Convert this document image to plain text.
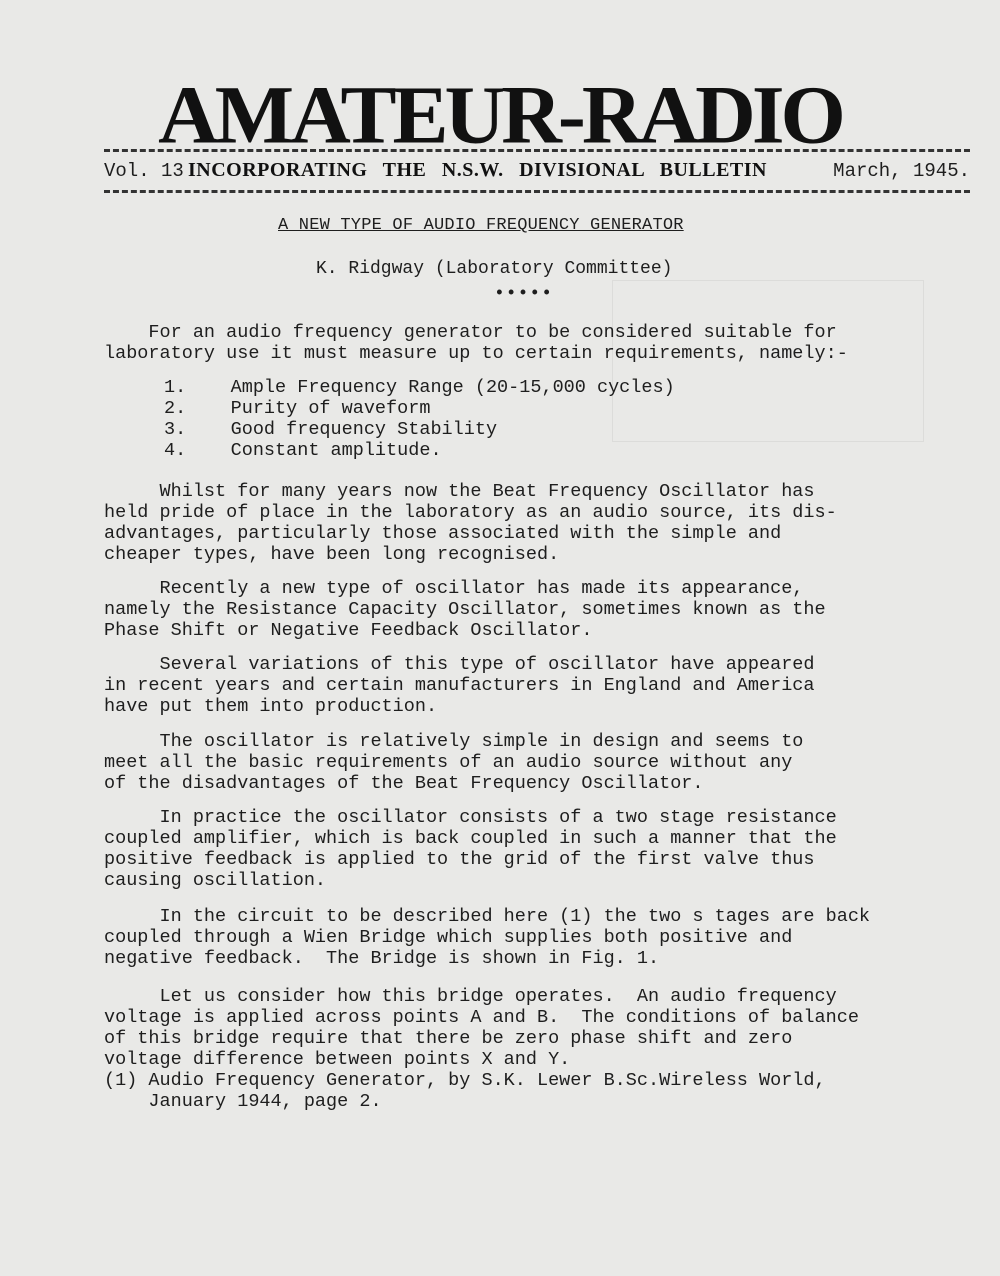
AMATEUR-RADIO
Vol. 13 INCORPORATING THE N.S.W. DIVISIONAL BULLETIN	March, 1945.
A NEW TYPE OF AUDIO FREQUENCY GENERATOR
K. Ridgway (Laboratory Committee)
•••••
For an audio frequency generator to be considered suitable for
laboratory use it must measure up to certain requirements, namely:-
1.    Ample Frequency Range (20-15,000 cycles)
2.    Purity of waveform
3.    Good frequency Stability
4.    Constant amplitude.
Whilst for many years now the Beat Frequency Oscillator has
held pride of place in the laboratory as an audio source, its dis-
advantages, particularly those associated with the simple and
cheaper types, have been long recognised.
Recently a new type of oscillator has made its appearance,
namely the Resistance Capacity Oscillator, sometimes known as the
Phase Shift or Negative Feedback Oscillator.
Several variations of this type of oscillator have appeared
in recent years and certain manufacturers in England and America
have put them into production.
The oscillator is relatively simple in design and seems to
meet all the basic requirements of an audio source without any
of the disadvantages of the Beat Frequency Oscillator.
In practice the oscillator consists of a two stage resistance
coupled amplifier, which is back coupled in such a manner that the
positive feedback is applied to the grid of the first valve thus
causing oscillation.
In the circuit to be described here (1) the two s tages are back
coupled through a Wien Bridge which supplies both positive and
negative feedback.  The Bridge is shown in Fig. 1.
Let us consider how this bridge operates.  An audio frequency
voltage is applied across points A and B.  The conditions of balance
of this bridge require that there be zero phase shift and zero
voltage difference between points X and Y.
(1) Audio Frequency Generator, by S.K. Lewer B.Sc.Wireless World,
January 1944, page 2.
